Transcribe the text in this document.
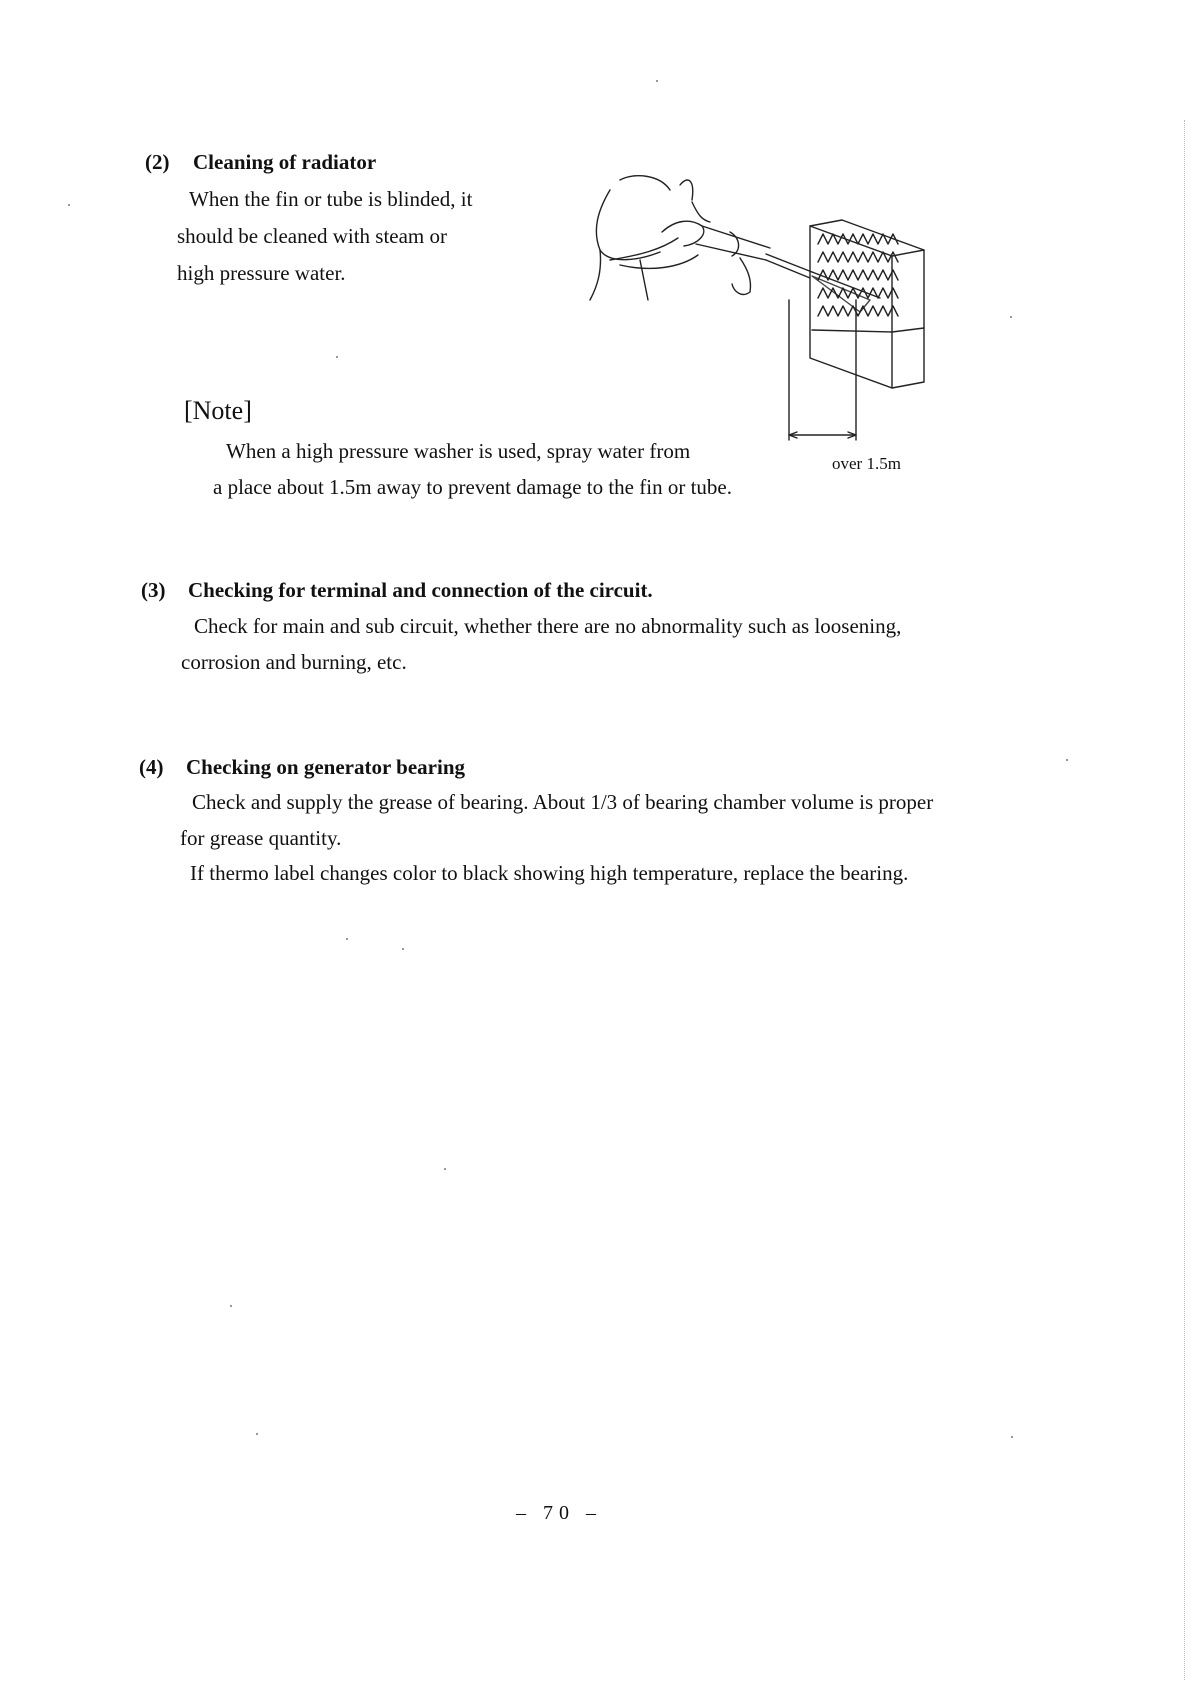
(2) Cleaning of radiator
When the fin or tube is blinded, it
should be cleaned with steam or
high pressure water.
over 1.5m
[Note]
When a high pressure washer is used, spray water from
a place about 1.5m away to prevent damage to the fin or tube.
(3) Checking for terminal and connection of the circuit.
Check for main and sub circuit, whether there are no abnormality such as loosening,
corrosion and burning, etc.
(4) Checking on generator bearing
Check and supply the grease of bearing. About 1/3 of bearing chamber volume is proper
for grease quantity.
If thermo label changes color to black showing high temperature, replace the bearing.
– 70 –
